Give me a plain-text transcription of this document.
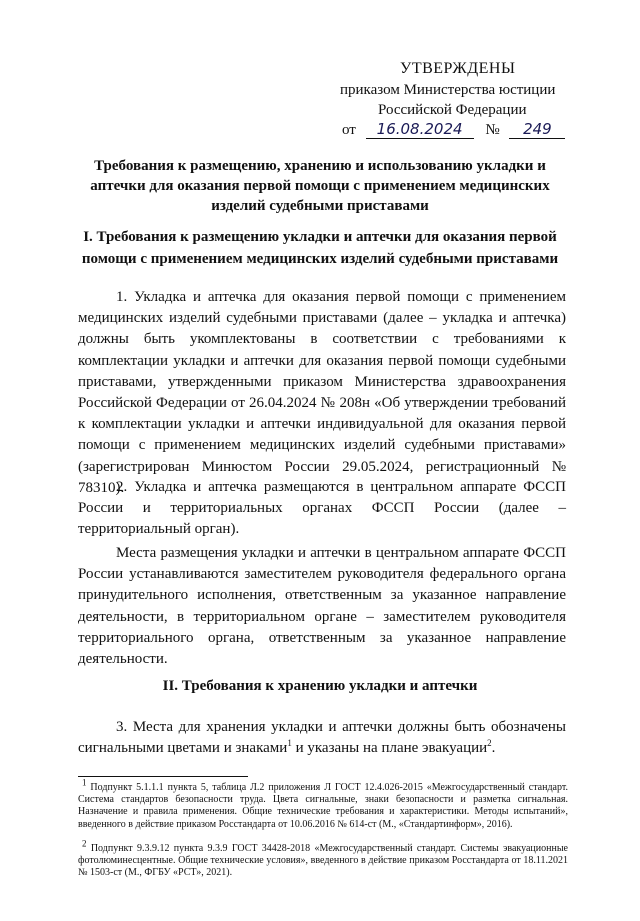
УТВЕРЖДЕНЫ
приказом Министерства юстиции
Российской Федерации
от 16.08.2024 № 249
Требования к размещению, хранению и использованию укладки и аптечки для оказания первой помощи с применением медицинских изделий судебными приставами
I. Требования к размещению укладки и аптечки для оказания первой помощи с применением медицинских изделий судебными приставами
1. Укладка и аптечка для оказания первой помощи с применением медицинских изделий судебными приставами (далее – укладка и аптечка) должны быть укомплектованы в соответствии с требованиями к комплектации укладки и аптечки для оказания первой помощи судебными приставами, утвержденными приказом Министерства здравоохранения Российской Федерации от 26.04.2024 № 208н «Об утверждении требований к комплектации укладки и аптечки индивидуальной для оказания первой помощи с применением медицинских изделий судебными приставами» (зарегистрирован Минюстом России 29.05.2024, регистрационный № 78310).
2. Укладка и аптечка размещаются в центральном аппарате ФССП России и территориальных органах ФССП России (далее – территориальный орган).
Места размещения укладки и аптечки в центральном аппарате ФССП России устанавливаются заместителем руководителя федерального органа принудительного исполнения, ответственным за указанное направление деятельности, в территориальном органе – заместителем руководителя территориального органа, ответственным за указанное направление деятельности.
II. Требования к хранению укладки и аптечки
3. Места для хранения укладки и аптечки должны быть обозначены сигнальными цветами и знаками$^1$ и указаны на плане эвакуации$^2$.
$^1$ Подпункт 5.1.1.1 пункта 5, таблица Л.2 приложения Л ГОСТ 12.4.026-2015 «Межгосударственный стандарт. Система стандартов безопасности труда. Цвета сигнальные, знаки безопасности и разметка сигнальная. Назначение и правила применения. Общие технические требования и характеристики. Методы испытаний», введенного в действие приказом Росстандарта от 10.06.2016 № 614-ст (М., «Стандартинформ», 2016).
$^2$ Подпункт 9.3.9.12 пункта 9.3.9 ГОСТ 34428-2018 «Межгосударственный стандарт. Системы эвакуационные фотолюминесцентные. Общие технические условия», введенного в действие приказом Росстандарта от 18.11.2021 № 1503-ст (М., ФГБУ «РСТ», 2021).
